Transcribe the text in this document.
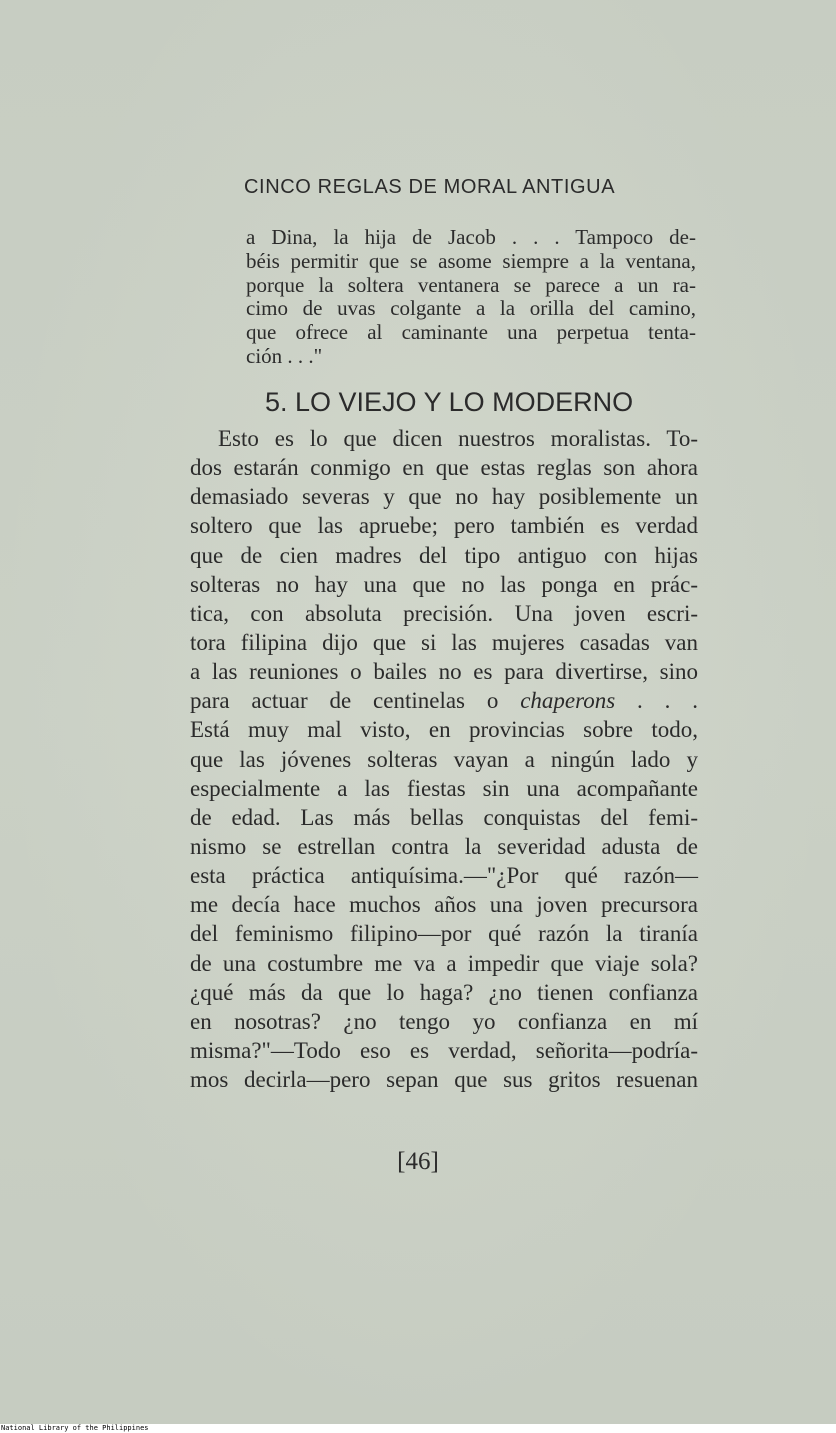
CINCO REGLAS DE MORAL ANTIGUA
a Dina, la hija de Jacob . . . Tampoco de-
béis permitir que se asome siempre a la ventana,
porque la soltera ventanera se parece a un ra-
cimo de uvas colgante a la orilla del camino,
que ofrece al caminante una perpetua tenta-
ción . . ."
5. LO VIEJO Y LO MODERNO
Esto es lo que dicen nuestros moralistas. To-
dos estarán conmigo en que estas reglas son ahora
demasiado severas y que no hay posiblemente un
soltero que las apruebe; pero también es verdad
que de cien madres del tipo antiguo con hijas
solteras no hay una que no las ponga en prác-
tica, con absoluta precisión. Una joven escri-
tora filipina dijo que si las mujeres casadas van
a las reuniones o bailes no es para divertirse, sino
para actuar de centinelas o chaperons . . .
Está muy mal visto, en provincias sobre todo,
que las jóvenes solteras vayan a ningún lado y
especialmente a las fiestas sin una acompañante
de edad. Las más bellas conquistas del femi-
nismo se estrellan contra la severidad adusta de
esta práctica antiquísima.—"¿Por qué razón—
me decía hace muchos años una joven precursora
del feminismo filipino—por qué razón la tiranía
de una costumbre me va a impedir que viaje sola?
¿qué más da que lo haga? ¿no tienen confianza
en nosotras? ¿no tengo yo confianza en mí
misma?"—Todo eso es verdad, señorita—podría-
mos decirla—pero sepan que sus gritos resuenan
[46]
National Library of the Philippines
